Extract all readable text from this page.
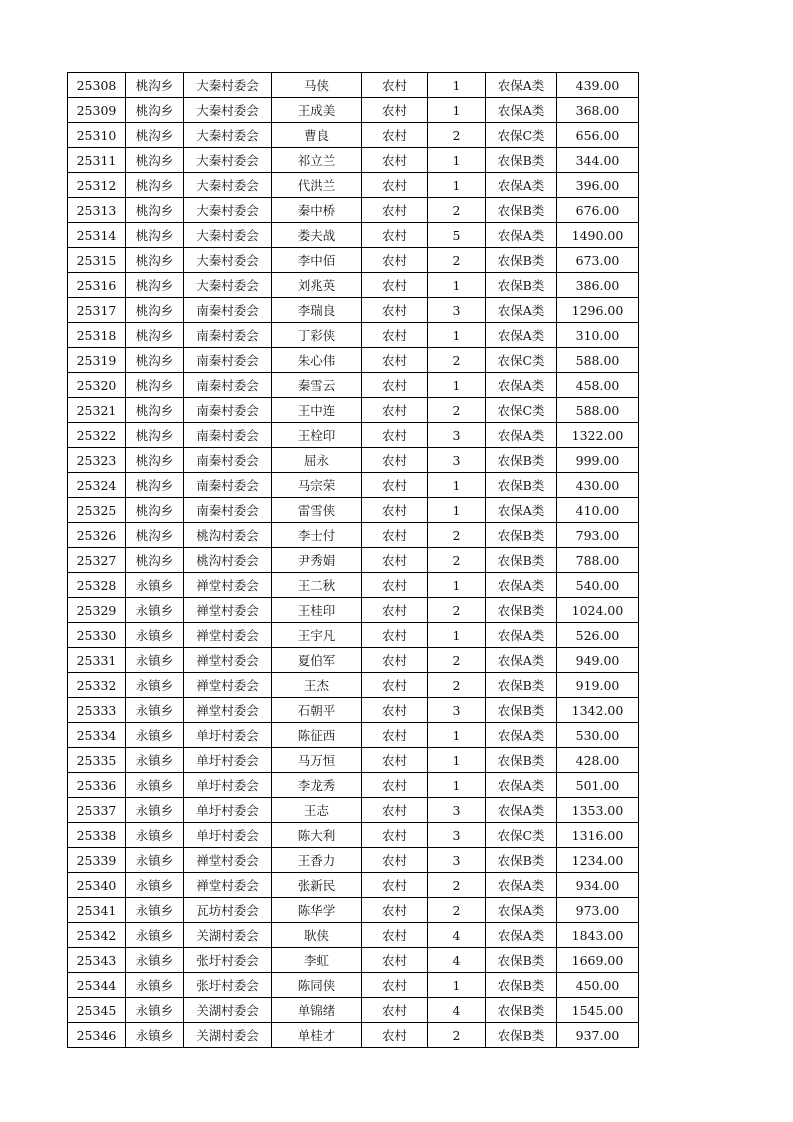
25308	桃沟乡	大秦村委会	马侠	农村	1	农保A类	439.00
25309	桃沟乡	大秦村委会	王成美	农村	1	农保A类	368.00
25310	桃沟乡	大秦村委会	曹良	农村	2	农保C类	656.00
25311	桃沟乡	大秦村委会	祁立兰	农村	1	农保B类	344.00
25312	桃沟乡	大秦村委会	代洪兰	农村	1	农保A类	396.00
25313	桃沟乡	大秦村委会	秦中桥	农村	2	农保B类	676.00
25314	桃沟乡	大秦村委会	娄夫战	农村	5	农保A类	1490.00
25315	桃沟乡	大秦村委会	李中佰	农村	2	农保B类	673.00
25316	桃沟乡	大秦村委会	刘兆英	农村	1	农保B类	386.00
25317	桃沟乡	南秦村委会	李瑞良	农村	3	农保A类	1296.00
25318	桃沟乡	南秦村委会	丁彩侠	农村	1	农保A类	310.00
25319	桃沟乡	南秦村委会	朱心伟	农村	2	农保C类	588.00
25320	桃沟乡	南秦村委会	秦雪云	农村	1	农保A类	458.00
25321	桃沟乡	南秦村委会	王中连	农村	2	农保C类	588.00
25322	桃沟乡	南秦村委会	王栓印	农村	3	农保A类	1322.00
25323	桃沟乡	南秦村委会	屈永	农村	3	农保B类	999.00
25324	桃沟乡	南秦村委会	马宗荣	农村	1	农保B类	430.00
25325	桃沟乡	南秦村委会	雷雪侠	农村	1	农保A类	410.00
25326	桃沟乡	桃沟村委会	李士付	农村	2	农保B类	793.00
25327	桃沟乡	桃沟村委会	尹秀娟	农村	2	农保B类	788.00
25328	永镇乡	禅堂村委会	王二秋	农村	1	农保A类	540.00
25329	永镇乡	禅堂村委会	王桂印	农村	2	农保B类	1024.00
25330	永镇乡	禅堂村委会	王宇凡	农村	1	农保A类	526.00
25331	永镇乡	禅堂村委会	夏伯军	农村	2	农保A类	949.00
25332	永镇乡	禅堂村委会	王杰	农村	2	农保B类	919.00
25333	永镇乡	禅堂村委会	石朝平	农村	3	农保B类	1342.00
25334	永镇乡	单圩村委会	陈征西	农村	1	农保A类	530.00
25335	永镇乡	单圩村委会	马万恒	农村	1	农保B类	428.00
25336	永镇乡	单圩村委会	李龙秀	农村	1	农保A类	501.00
25337	永镇乡	单圩村委会	王志	农村	3	农保A类	1353.00
25338	永镇乡	单圩村委会	陈大利	农村	3	农保C类	1316.00
25339	永镇乡	禅堂村委会	王香力	农村	3	农保B类	1234.00
25340	永镇乡	禅堂村委会	张新民	农村	2	农保A类	934.00
25341	永镇乡	瓦坊村委会	陈华学	农村	2	农保A类	973.00
25342	永镇乡	关湖村委会	耿侠	农村	4	农保A类	1843.00
25343	永镇乡	张圩村委会	李虹	农村	4	农保B类	1669.00
25344	永镇乡	张圩村委会	陈同侠	农村	1	农保B类	450.00
25345	永镇乡	关湖村委会	单锦绪	农村	4	农保B类	1545.00
25346	永镇乡	关湖村委会	单桂才	农村	2	农保B类	937.00
